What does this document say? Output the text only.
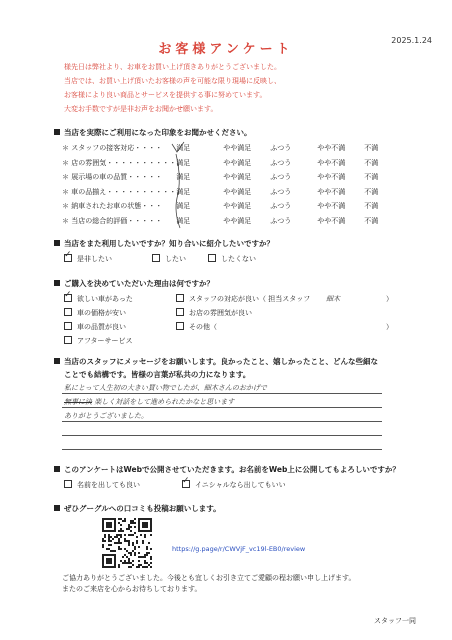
2025.1.24
お客様アンケート
様先日は弊社より、お車をお買い上げ頂きありがとうございました。
当店では、お買い上げ頂いたお客様の声を可能な限り現場に反映し、
お客様により良い商品とサービスを提供する事に努めています。
大変お手数ですが是非お声をお聞かせ願います。
当店を実際にご利用になった印象をお聞かせください。
＊ スタッフの接客対応・・・・	満足	やや満足	ふつう	やや不満	不満
＊ 店の雰囲気・・・・・・・・・・	満足	やや満足	ふつう	やや不満	不満
＊ 展示場の車の品質・・・・・	満足	やや満足	ふつう	やや不満	不満
＊ 車の品揃え・・・・・・・・・・	満足	やや満足	ふつう	やや不満	不満
＊ 納車されたお車の状態・・・	満足	やや満足	ふつう	やや不満	不満
＊ 当店の総合的評価・・・・・	満足	やや満足	ふつう	やや不満	不満
当店をまた利用したいですか？知り合いに紹介したいですか？
✓是非したい	したい	したくない
ご購入を決めていただいた理由は何ですか？
✓欲しい車があった
車の価格が安い
車の品質が良い
アフターサービス
スタッフの対応が良い（ 担当スタッフ 細木	）
お店の雰囲気が良い
その他（	）
当店のスタッフにメッセージをお願いします。良かったこと、嬉しかったこと、どんな些細な
ことでも結構です。皆様の言葉が私共の力になります。
私にとって人生初の大きい買い物でしたが、細木さんのおかげで
無事に決 楽しく対話をして進められたかなと思います
ありがとうございました。
このアンケートはWebで公開させていただきます。お名前をWeb上に公開してもよろしいですか？
名前を出しても良い ✓	イニシャルなら出してもいい
ぜひグーグルへの口コミも投稿お願いします。
https://g.page/r/CWVjF_vc19l-EB0/review
ご協力ありがとうございました。今後とも宜しくお引き立てご愛顧の程お願い申し上げます。
またのご来店を心からお待ちしております。
スタッフ一同
